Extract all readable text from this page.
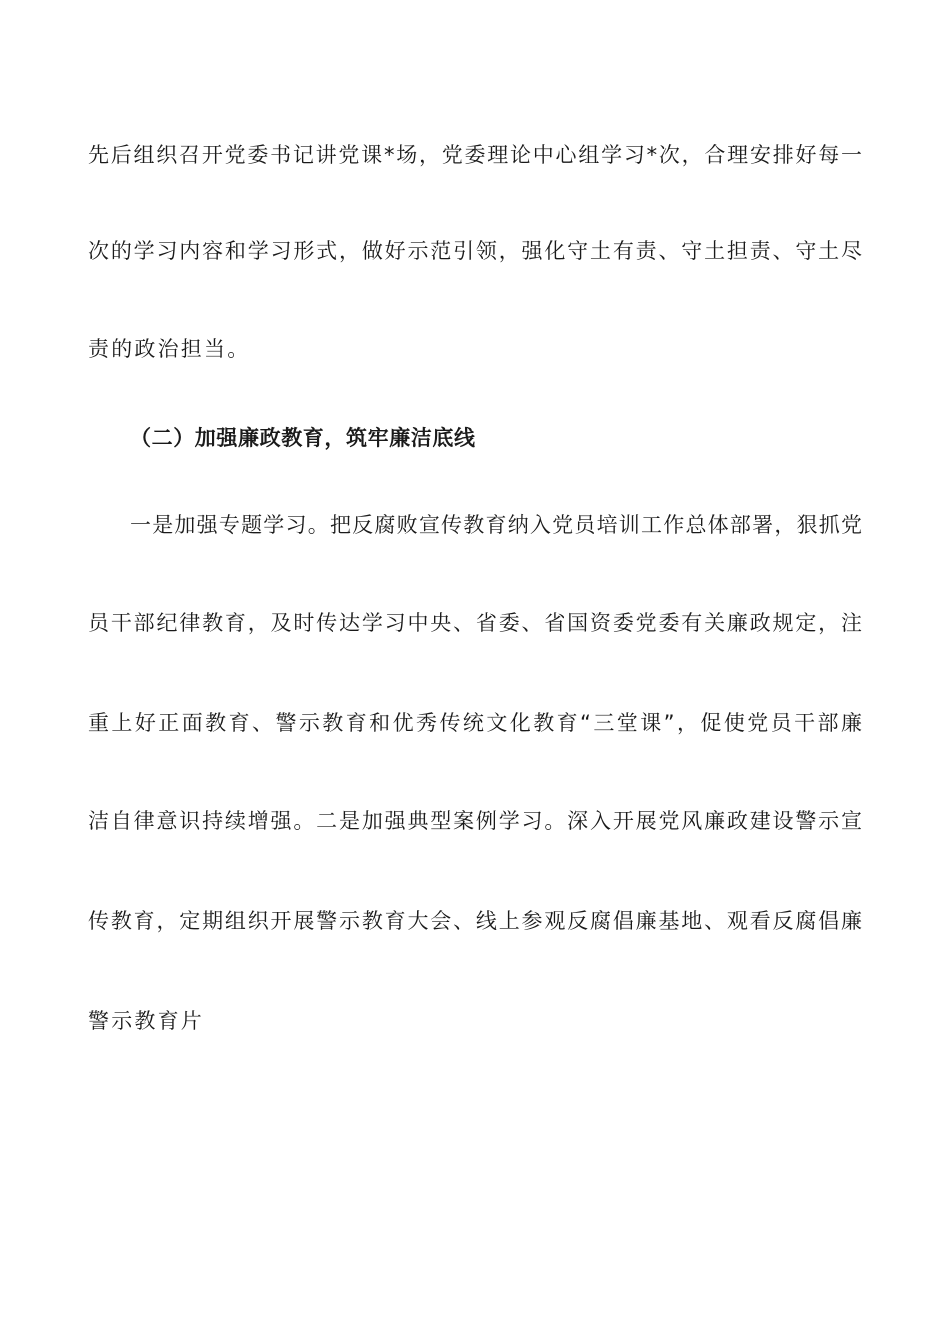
先后组织召开党委书记讲党课*场，党委理论中心组学习*次，合理安排好每一
次的学习内容和学习形式，做好示范引领，强化守土有责、守土担责、守土尽
责的政治担当。
（二）加强廉政教育，筑牢廉洁底线
一是加强专题学习。把反腐败宣传教育纳入党员培训工作总体部署，狠抓党
员干部纪律教育，及时传达学习中央、省委、省国资委党委有关廉政规定，注
重上好正面教育、警示教育和优秀传统文化教育“三堂课”，促使党员干部廉
洁自律意识持续增强。二是加强典型案例学习。深入开展党风廉政建设警示宣
传教育，定期组织开展警示教育大会、线上参观反腐倡廉基地、观看反腐倡廉
警示教育片
